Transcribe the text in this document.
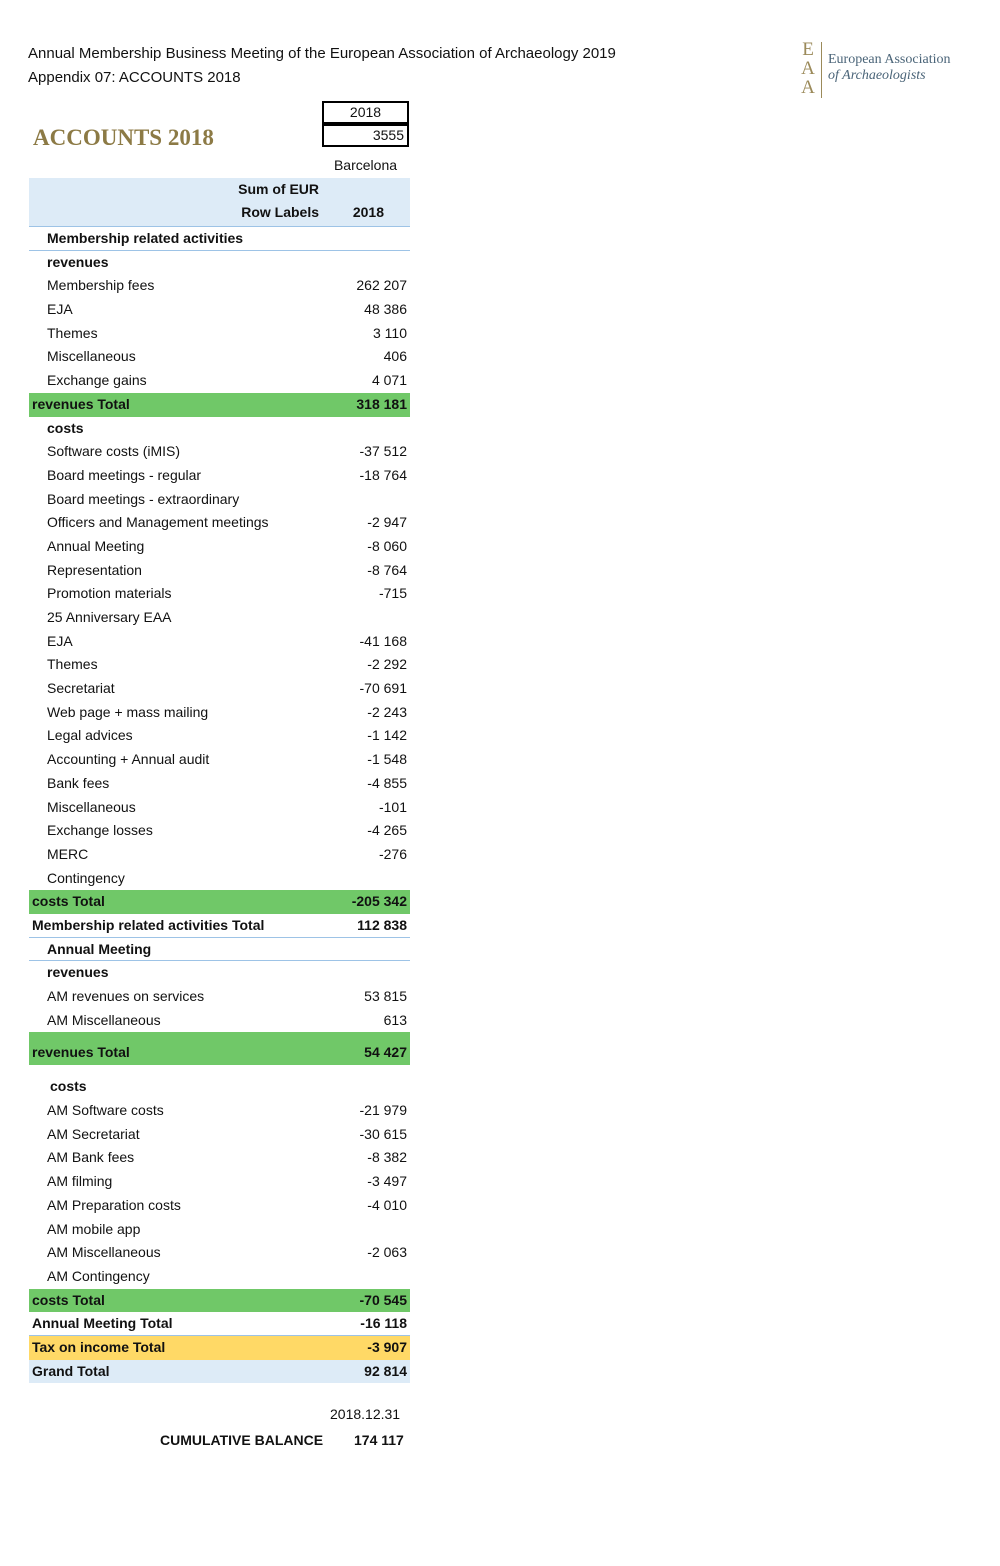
Annual Membership Business Meeting of the European Association of Archaeology 2019
Appendix 07: ACCOUNTS 2018
E
A
A
European Association
of Archaeologists
ACCOUNTS 2018
2018
3555
Barcelona
Sum of EUR
Row Labels 2018
Membership related activities
revenues
Membership fees	262 207
EJA	48 386
Themes	3 110
Miscellaneous	406
Exchange gains	4 071
revenues Total	318 181
costs
Software costs (iMIS)	-37 512
Board meetings - regular	-18 764
Board meetings - extraordinary
Officers and Management meetings	-2 947
Annual Meeting	-8 060
Representation	-8 764
Promotion materials	-715
25 Anniversary EAA
EJA	-41 168
Themes	-2 292
Secretariat	-70 691
Web page + mass mailing	-2 243
Legal advices	-1 142
Accounting + Annual audit	-1 548
Bank fees	-4 855
Miscellaneous	-101
Exchange losses	-4 265
MERC	-276
Contingency
costs Total	-205 342
Membership related activities Total	112 838
Annual Meeting
revenues
AM revenues on services	53 815
AM Miscellaneous	613
revenues Total	54 427
costs
AM Software costs	-21 979
AM Secretariat	-30 615
AM Bank fees	-8 382
AM filming	-3 497
AM Preparation costs	-4 010
AM mobile app
AM Miscellaneous	-2 063
AM Contingency
costs Total	-70 545
Annual Meeting Total	-16 118
Tax on income Total	-3 907
Grand Total	92 814
2018.12.31
CUMULATIVE BALANCE 174 117
